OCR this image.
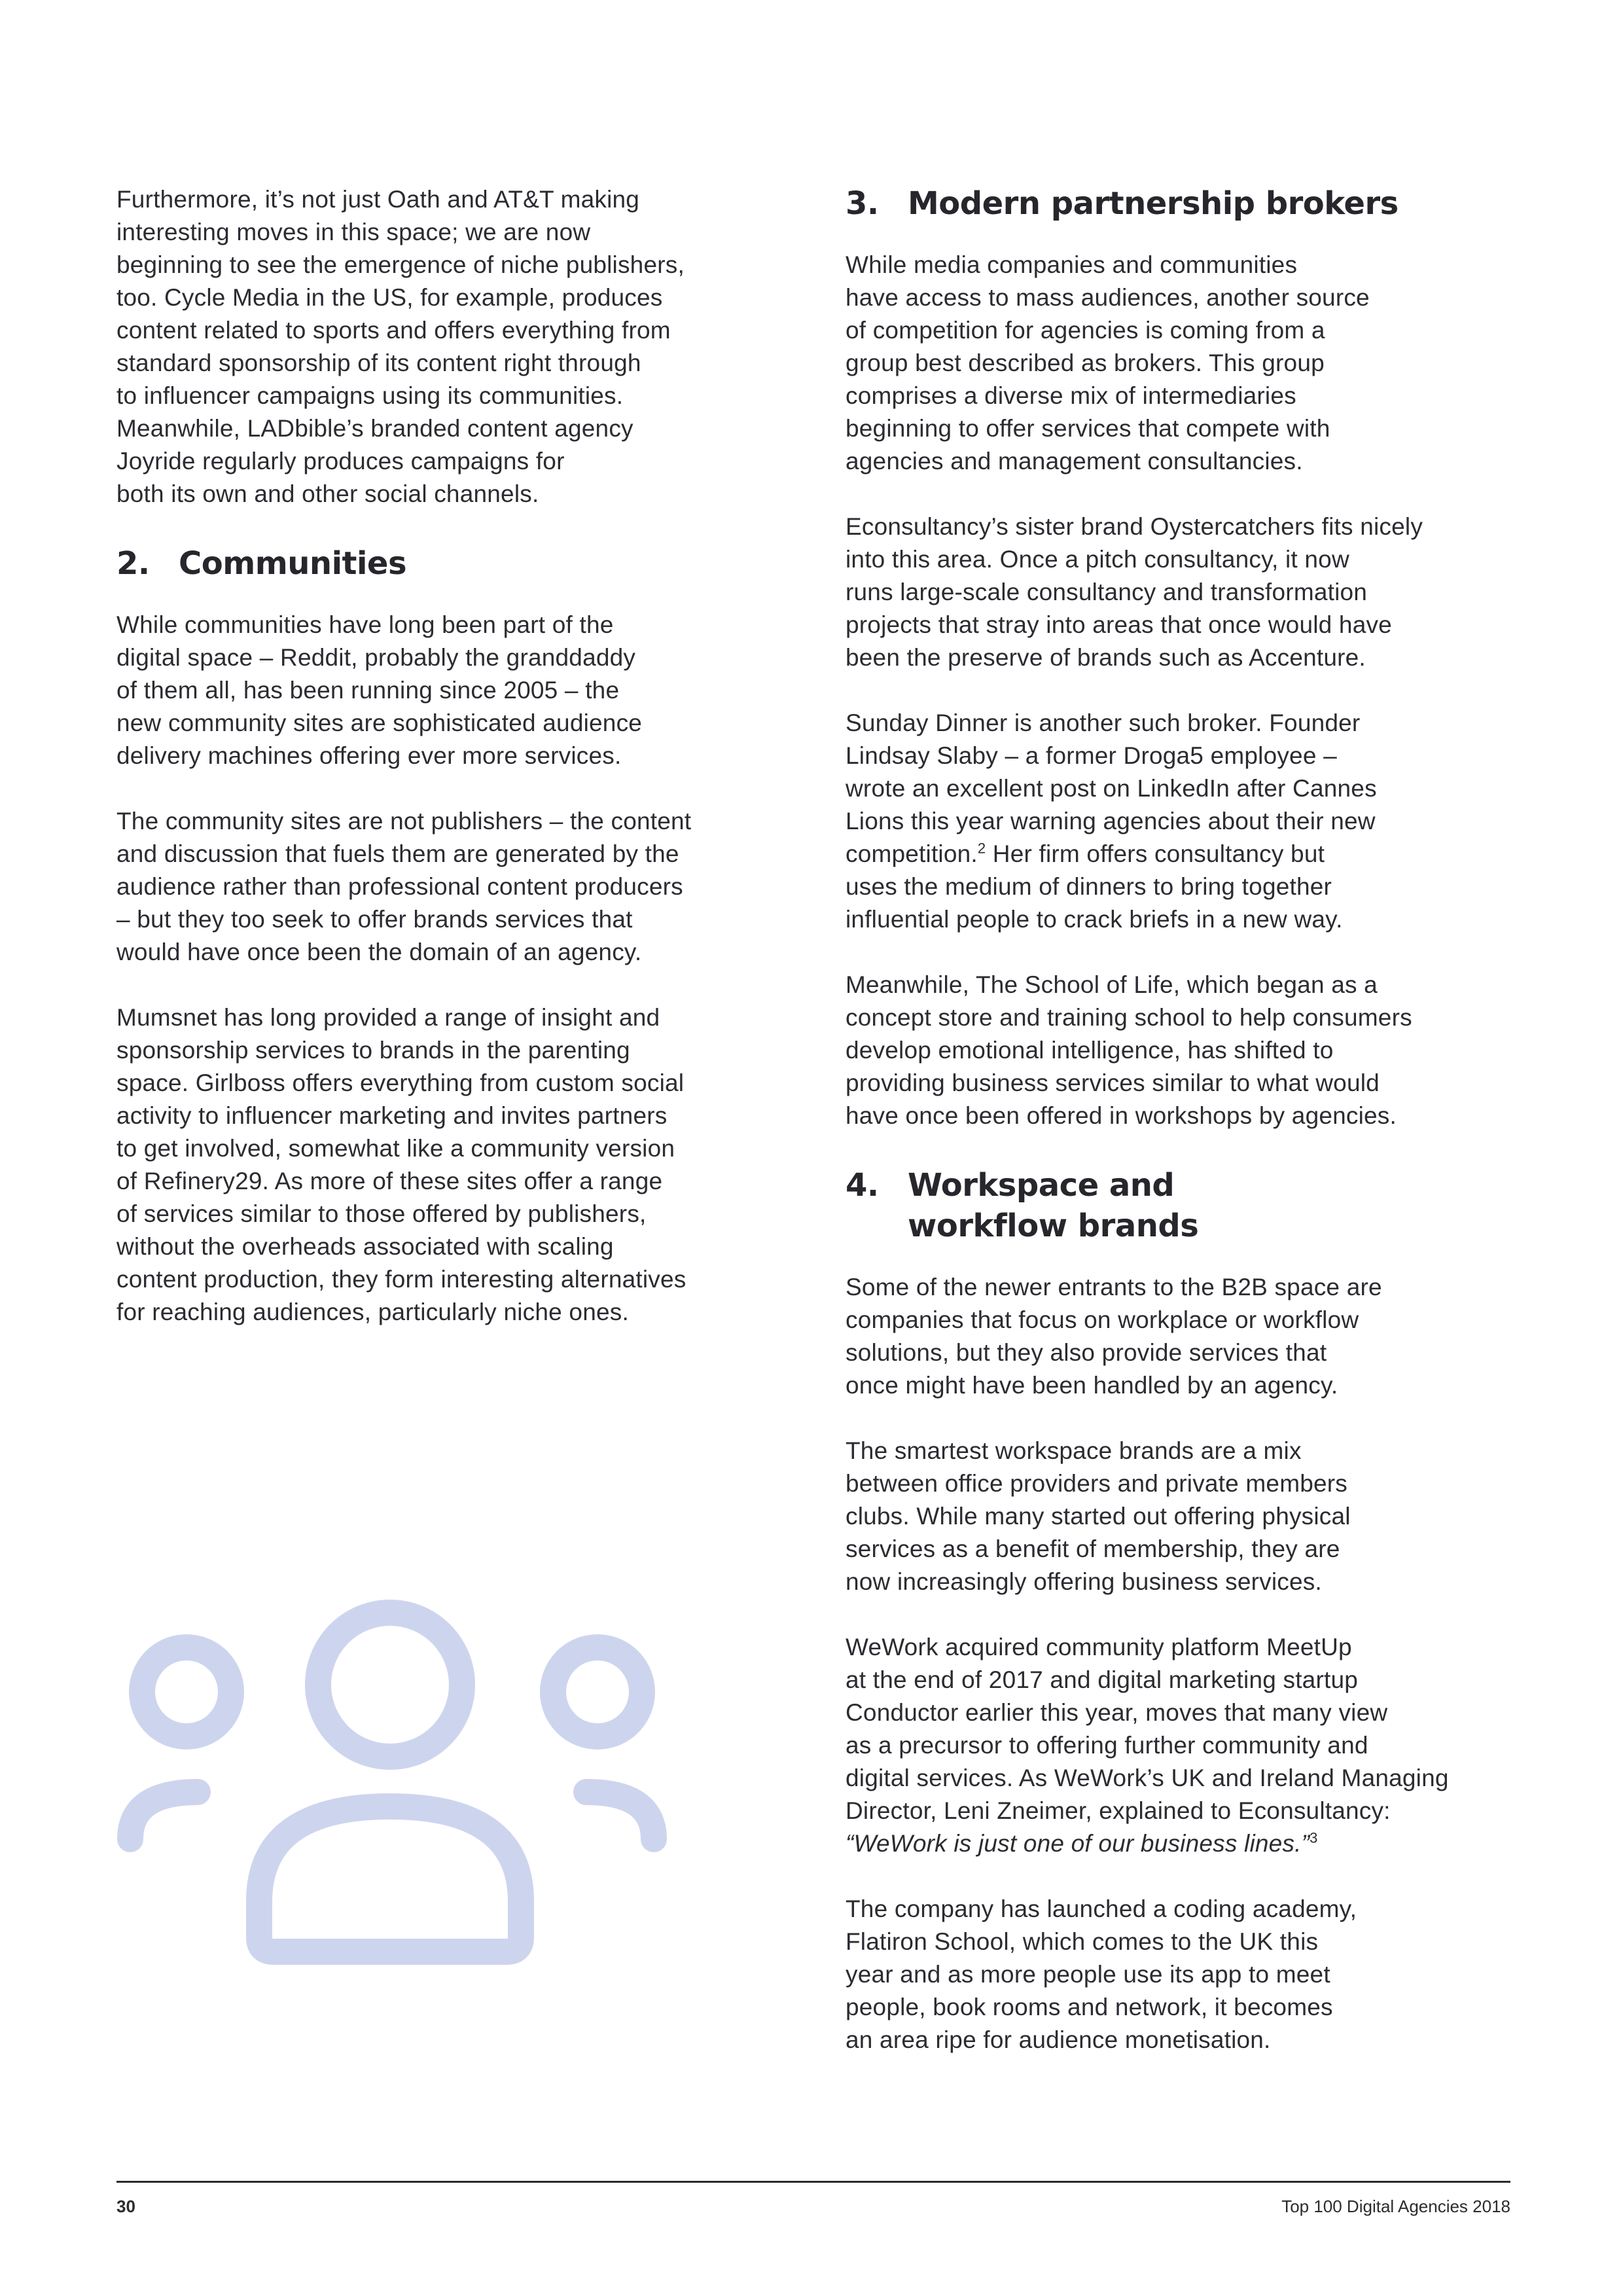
Furthermore, it’s not just Oath and AT&T making
interesting moves in this space; we are now
beginning to see the emergence of niche publishers,
too. Cycle Media in the US, for example, produces
content related to sports and offers everything from
standard sponsorship of its content right through
to influencer campaigns using its communities.
Meanwhile, LADbible’s branded content agency
Joyride regularly produces campaigns for
both its own and other social channels.

2. Communities

While communities have long been part of the
digital space – Reddit, probably the granddaddy
of them all, has been running since 2005 – the
new community sites are sophisticated audience
delivery machines offering ever more services.

The community sites are not publishers – the content
and discussion that fuels them are generated by the
audience rather than professional content producers
– but they too seek to offer brands services that
would have once been the domain of an agency.

Mumsnet has long provided a range of insight and
sponsorship services to brands in the parenting
space. Girlboss offers everything from custom social
activity to influencer marketing and invites partners
to get involved, somewhat like a community version
of Refinery29. As more of these sites offer a range
of services similar to those offered by publishers,
without the overheads associated with scaling
content production, they form interesting alternatives
for reaching audiences, particularly niche ones.

3. Modern partnership brokers

While media companies and communities
have access to mass audiences, another source
of competition for agencies is coming from a
group best described as brokers. This group
comprises a diverse mix of intermediaries
beginning to offer services that compete with
agencies and management consultancies.

Econsultancy’s sister brand Oystercatchers fits nicely
into this area. Once a pitch consultancy, it now
runs large-scale consultancy and transformation
projects that stray into areas that once would have
been the preserve of brands such as Accenture.

Sunday Dinner is another such broker. Founder
Lindsay Slaby – a former Droga5 employee –
wrote an excellent post on LinkedIn after Cannes
Lions this year warning agencies about their new
competition.$^2$ Her firm offers consultancy but
uses the medium of dinners to bring together
influential people to crack briefs in a new way.

Meanwhile, The School of Life, which began as a
concept store and training school to help consumers
develop emotional intelligence, has shifted to
providing business services similar to what would
have once been offered in workshops by agencies.

4. Workspace and
workflow brands

Some of the newer entrants to the B2B space are
companies that focus on workplace or workflow
solutions, but they also provide services that
once might have been handled by an agency.

The smartest workspace brands are a mix
between office providers and private members
clubs. While many started out offering physical
services as a benefit of membership, they are
now increasingly offering business services.

WeWork acquired community platform MeetUp
at the end of 2017 and digital marketing startup
Conductor earlier this year, moves that many view
as a precursor to offering further community and
digital services. As WeWork’s UK and Ireland Managing
Director, Leni Zneimer, explained to Econsultancy:
“WeWork is just one of our business lines.”$^3$

The company has launched a coding academy,
Flatiron School, which comes to the UK this
year and as more people use its app to meet
people, book rooms and network, it becomes
an area ripe for audience monetisation.

30	Top 100 Digital Agencies 2018
